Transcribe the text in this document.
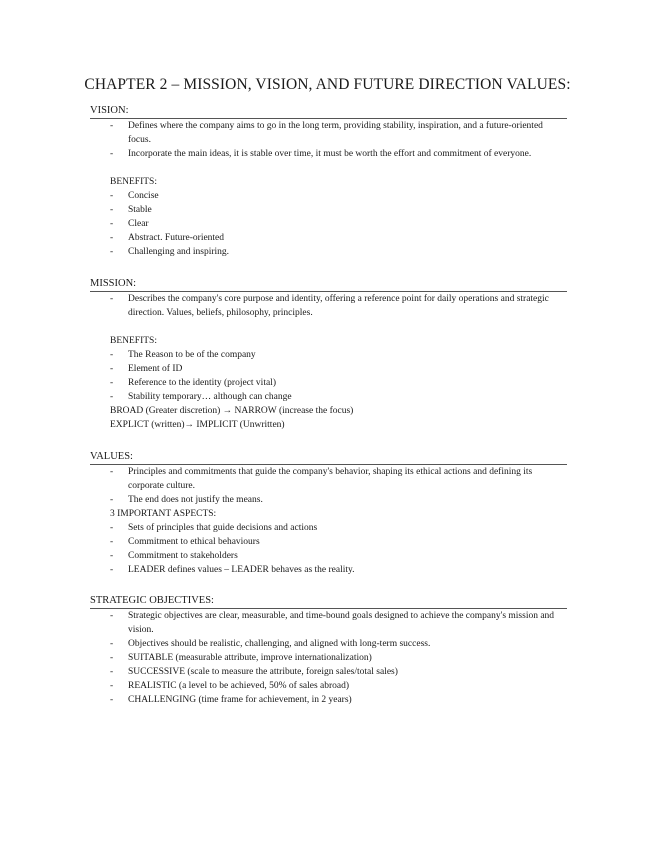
CHAPTER 2 – MISSION, VISION, AND FUTURE DIRECTION VALUES:
VISION:
- Defines where the company aims to go in the long term, providing stability, inspiration, and a future-oriented focus.
- Incorporate the main ideas, it is stable over time, it must be worth the effort and commitment of everyone.
BENEFITS:
- Concise
- Stable
- Clear
- Abstract. Future-oriented
- Challenging and inspiring.
MISSION:
- Describes the company's core purpose and identity, offering a reference point for daily operations and strategic direction. Values, beliefs, philosophy, principles.
BENEFITS:
- The Reason to be of the company
- Element of ID
- Reference to the identity (project vital)
- Stability temporary… although can change
BROAD (Greater discretion) → NARROW (increase the focus)
EXPLICT (written)→ IMPLICIT (Unwritten)
VALUES:
- Principles and commitments that guide the company's behavior, shaping its ethical actions and defining its corporate culture.
- The end does not justify the means.
3 IMPORTANT ASPECTS:
- Sets of principles that guide decisions and actions
- Commitment to ethical behaviours
- Commitment to stakeholders
- LEADER defines values – LEADER behaves as the reality.
STRATEGIC OBJECTIVES:
- Strategic objectives are clear, measurable, and time-bound goals designed to achieve the company's mission and vision.
- Objectives should be realistic, challenging, and aligned with long-term success.
- SUITABLE (measurable attribute, improve internationalization)
- SUCCESSIVE (scale to measure the attribute, foreign sales/total sales)
- REALISTIC (a level to be achieved, 50% of sales abroad)
- CHALLENGING (time frame for achievement, in 2 years)
